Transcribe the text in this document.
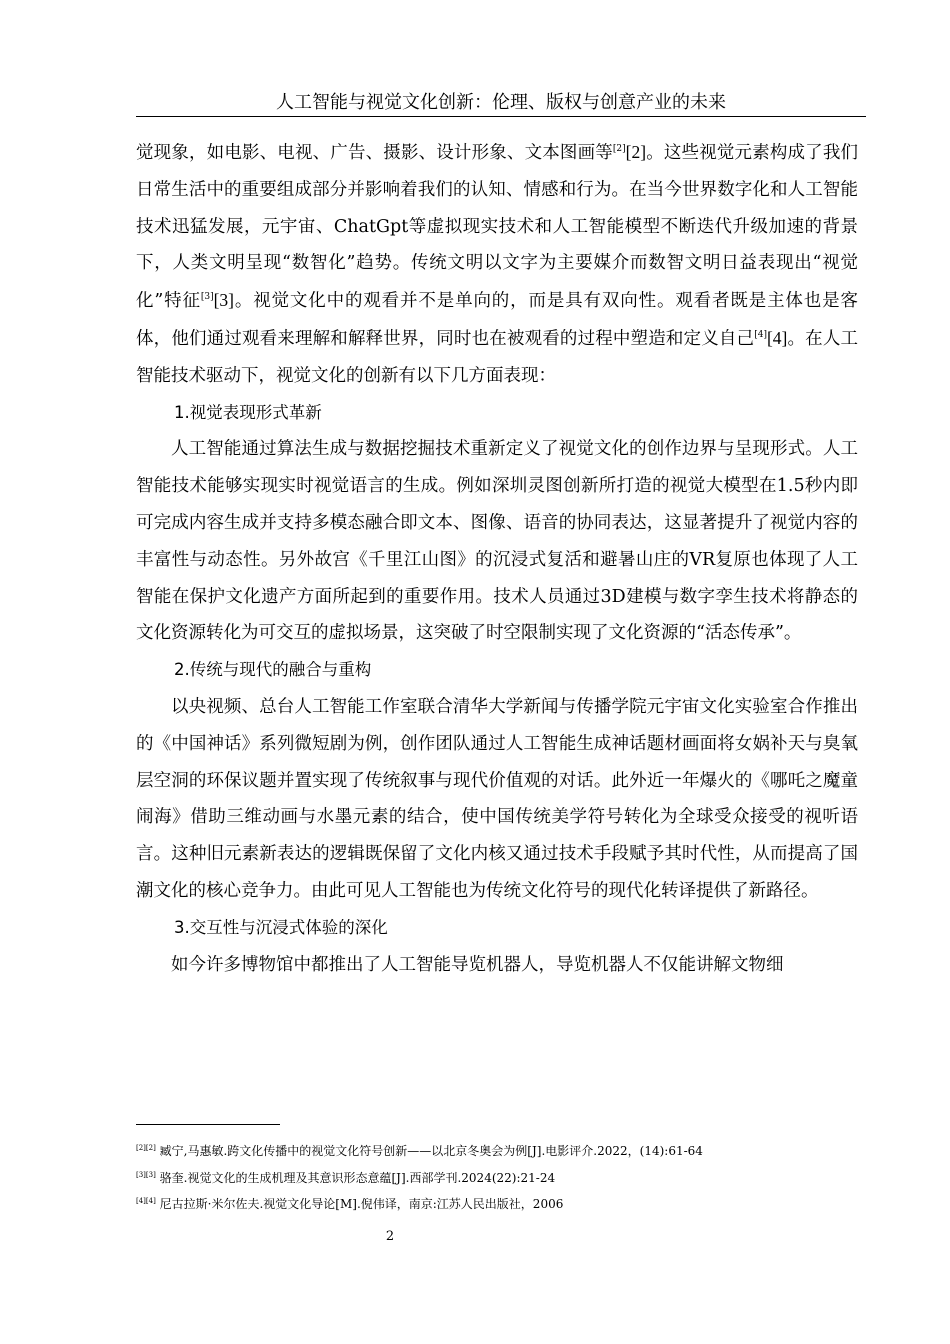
人工智能与视觉文化创新：伦理、版权与创意产业的未来

觉现象，如电影、电视、广告、摄影、设计形象、文本图画等[2][2]。这些视觉元素构成了我们日常生活中的重要组成部分并影响着我们的认知、情感和行为。在当今世界数字化和人工智能技术迅猛发展，元宇宙、ChatGpt等虚拟现实技术和人工智能模型不断迭代升级加速的背景下，人类文明呈现“数智化”趋势。传统文明以文字为主要媒介而数智文明日益表现出“视觉化”特征[3][3]。视觉文化中的观看并不是单向的，而是具有双向性。观看者既是主体也是客体，他们通过观看来理解和解释世界，同时也在被观看的过程中塑造和定义自己[4][4]。在人工智能技术驱动下，视觉文化的创新有以下几方面表现：

1.视觉表现形式革新

人工智能通过算法生成与数据挖掘技术重新定义了视觉文化的创作边界与呈现形式。人工智能技术能够实现实时视觉语言的生成。例如深圳灵图创新所打造的视觉大模型在1.5秒内即可完成内容生成并支持多模态融合即文本、图像、语音的协同表达，这显著提升了视觉内容的丰富性与动态性。另外故宫《千里江山图》的沉浸式复活和避暑山庄的VR复原也体现了人工智能在保护文化遗产方面所起到的重要作用。技术人员通过3D建模与数字孪生技术将静态的文化资源转化为可交互的虚拟场景，这突破了时空限制实现了文化资源的“活态传承”。

2.传统与现代的融合与重构

以央视频、总台人工智能工作室联合清华大学新闻与传播学院元宇宙文化实验室合作推出的《中国神话》系列微短剧为例，创作团队通过人工智能生成神话题材画面将女娲补天与臭氧层空洞的环保议题并置实现了传统叙事与现代价值观的对话。此外近一年爆火的《哪吒之魔童闹海》借助三维动画与水墨元素的结合，使中国传统美学符号转化为全球受众接受的视听语言。这种旧元素新表达的逻辑既保留了文化内核又通过技术手段赋予其时代性，从而提高了国潮文化的核心竞争力。由此可见人工智能也为传统文化符号的现代化转译提供了新路径。

3.交互性与沉浸式体验的深化

如今许多博物馆中都推出了人工智能导览机器人，导览机器人不仅能讲解文物细

[2][2] 臧宁,马惠敏.跨文化传播中的视觉文化符号创新——以北京冬奥会为例[J].电影评介.2022，(14):61-64
[3][3] 骆奎.视觉文化的生成机理及其意识形态意蕴[J].西部学刊.2024(22):21-24
[4][4] 尼古拉斯·米尔佐夫.视觉文化导论[M].倪伟译，南京:江苏人民出版社，2006
2
